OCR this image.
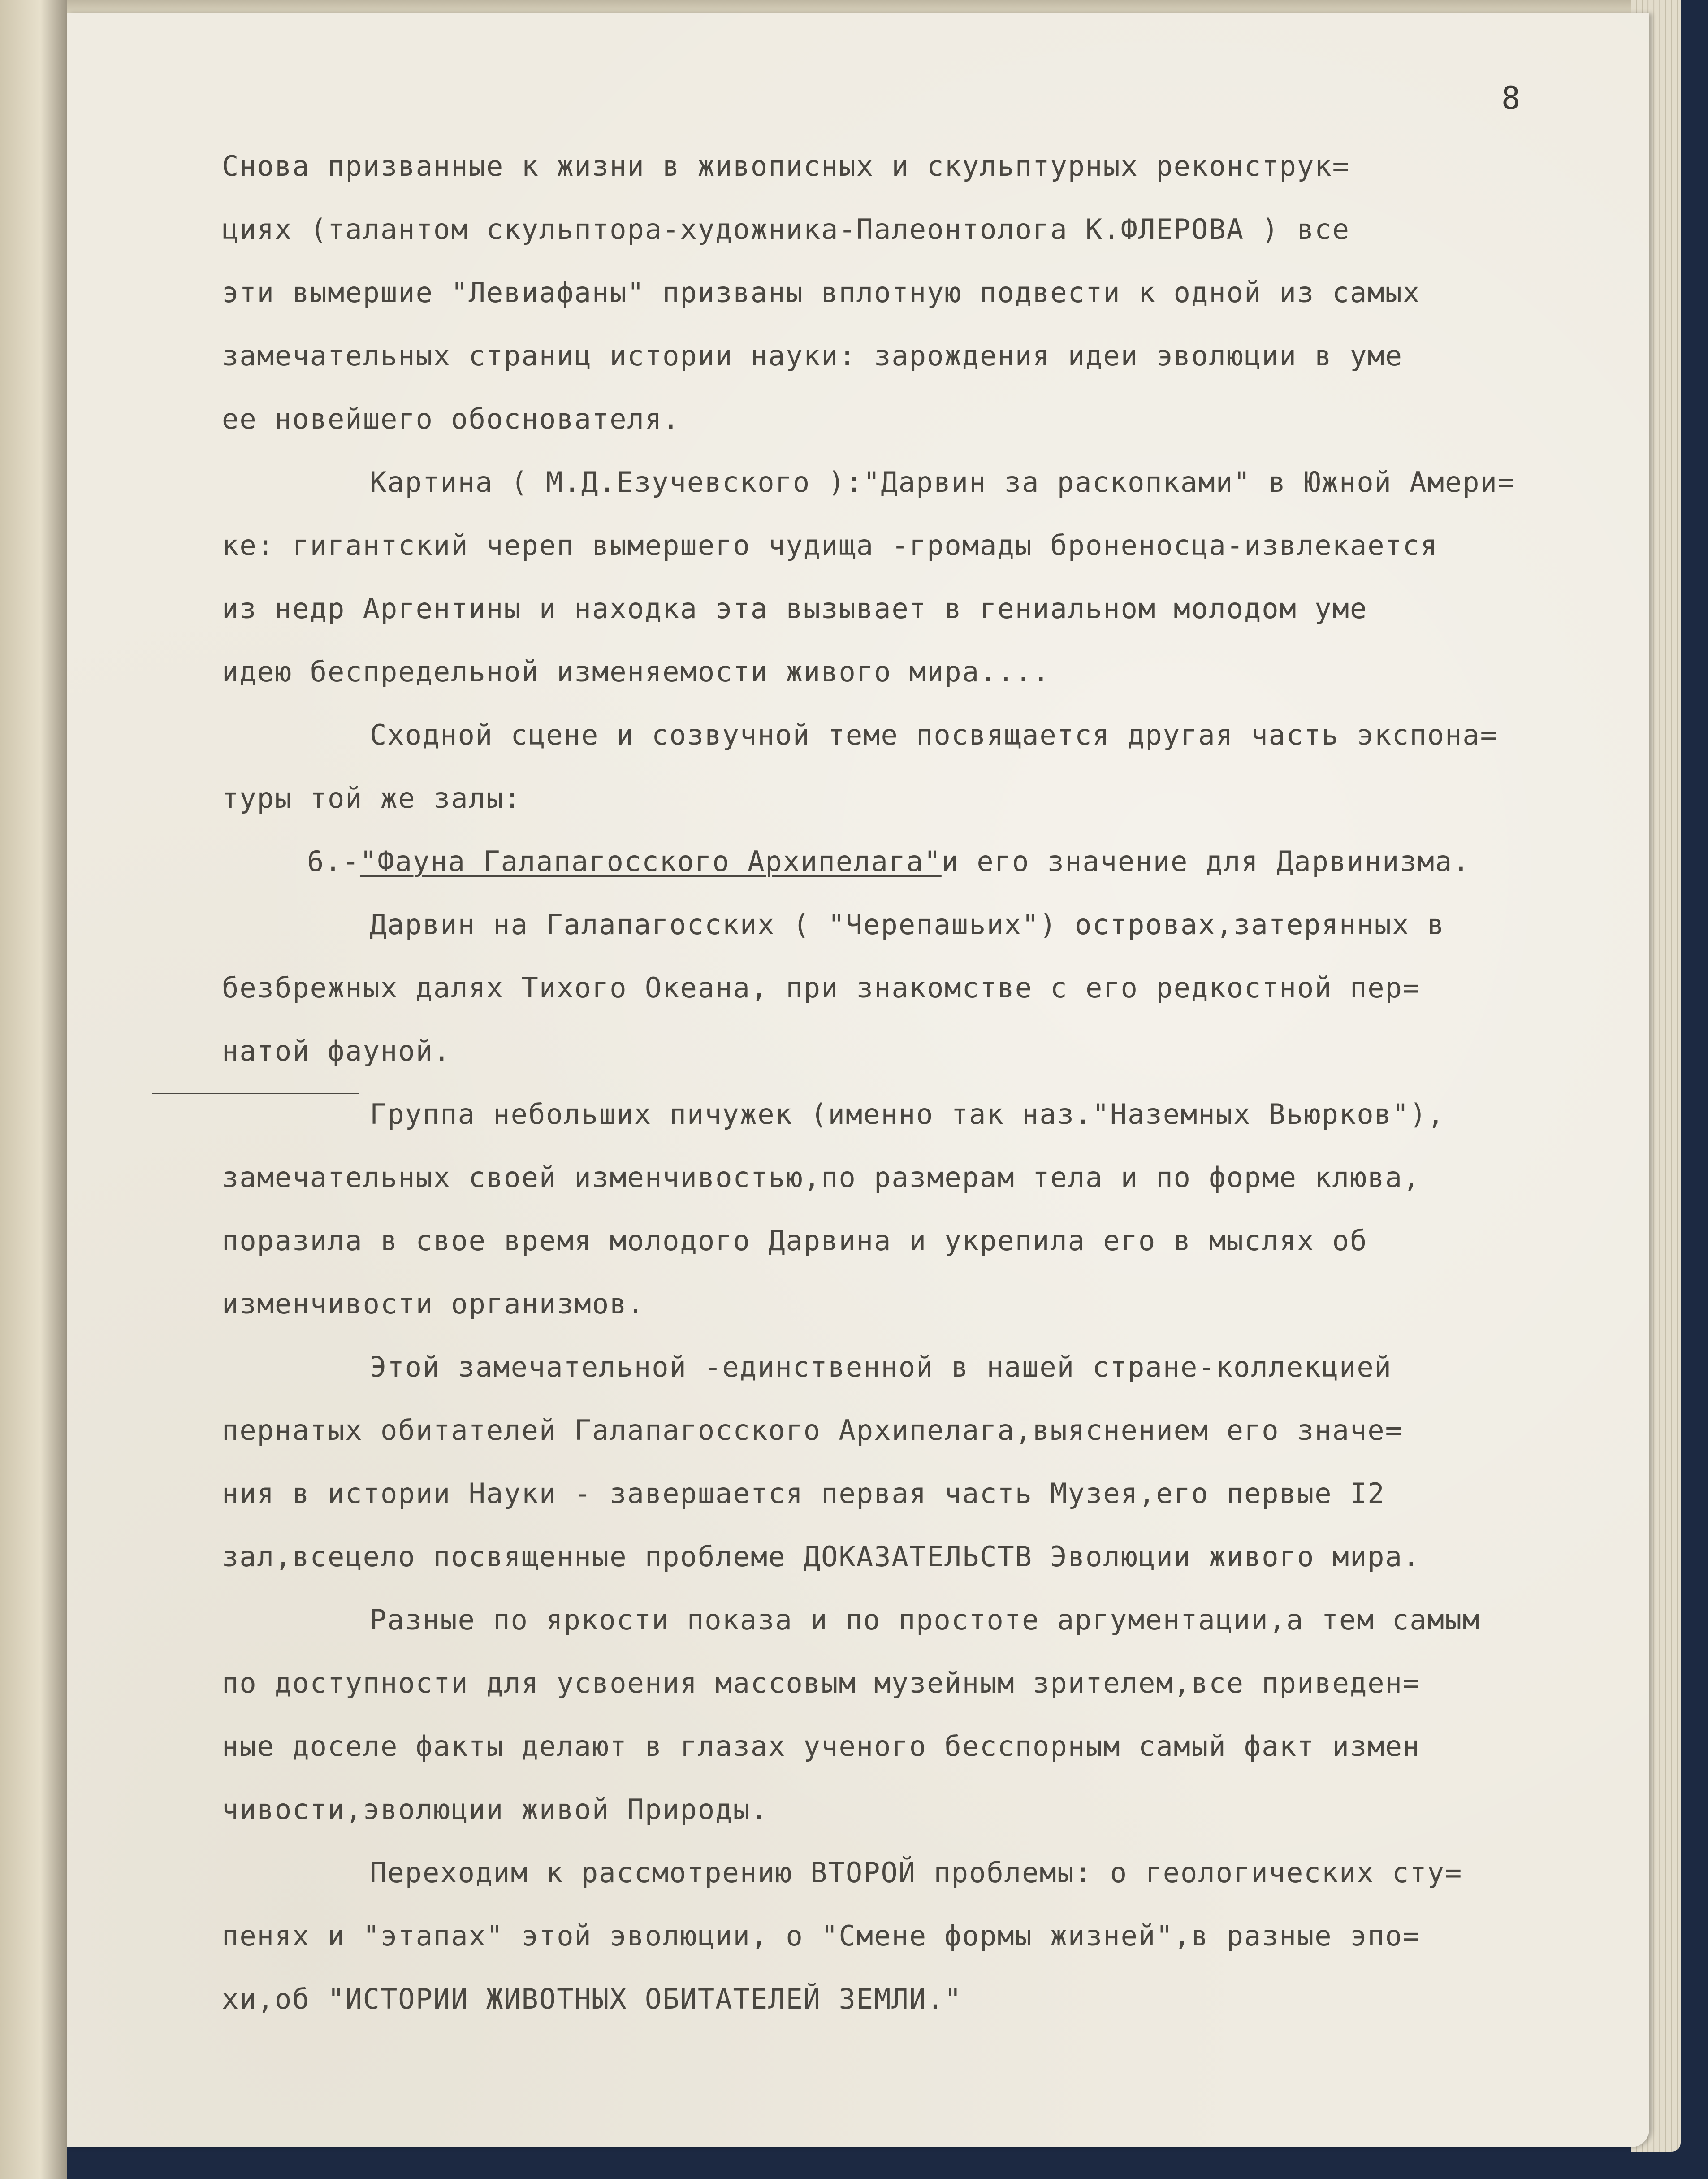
8
Снова призванные к жизни в живописных и скульптурных реконструк=
циях (талантом скульптора-художника-Палеонтолога К.ФЛЕРОВА ) все
эти вымершие "Левиафаны" призваны вплотную подвести к одной из самых
замечательных страниц истории науки: зарождения идеи эволюции в уме
ее новейшего обоснователя.
Картина ( М.Д.Езучевского ):"Дарвин за раскопками" в Южной Амери=
ке: гигантский череп вымершего чудища -громады броненосца-извлекается
из недр Аргентины и находка эта вызывает в гениальном молодом уме
идею беспредельной изменяемости живого мира....
Сходной сцене и созвучной теме посвящается другая часть экспона=
туры той же залы:
6.-"Фауна Галапагосского Архипелага"и его значение для Дарвинизма.
Дарвин на Галапагосских ( "Черепашьих") островах,затерянных в
безбрежных далях Тихого Океана, при знакомстве с его редкостной пер=
натой фауной.
Группа небольших пичужек (именно так наз."Наземных Вьюрков"),
замечательных своей изменчивостью,по размерам тела и по форме клюва,
поразила в свое время молодого Дарвина и укрепила его в мыслях об
изменчивости организмов.
Этой замечательной -единственной в нашей стране-коллекцией
пернатых обитателей Галапагосского Архипелага,выяснением его значе=
ния в истории Науки - завершается первая часть Музея,его первые I2
зал,всецело посвященные проблеме ДОКАЗАТЕЛЬСТВ Эволюции живого мира.
Разные по яркости показа и по простоте аргументации,а тем самым
по доступности для усвоения массовым музейным зрителем,все приведен=
ные доселе факты делают в глазах ученого бесспорным самый факт измен
чивости,эволюции живой Природы.
Переходим к рассмотрению ВТОРОЙ проблемы: о геологических сту=
пенях и "этапах" этой эволюции, о "Смене формы жизней",в разные эпо=
хи,об "ИСТОРИИ ЖИВОТНЫХ ОБИТАТЕЛЕЙ ЗЕМЛИ."
